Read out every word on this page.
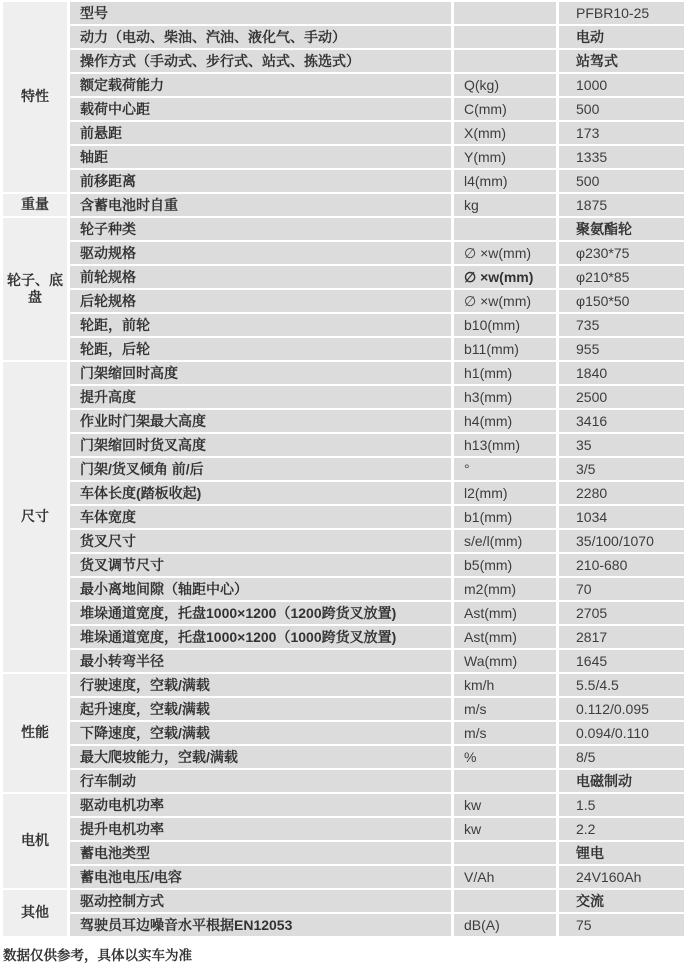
特性	型号		PFBR10-25
	动力（电动、柴油、汽油、液化气、手动）		电动
	操作方式（手动式、步行式、站式、拣选式）		站驾式
	额定载荷能力	Q(kg)	1000
	载荷中心距	C(mm)	500
	前悬距	X(mm)	173
	轴距	Y(mm)	1335
	前移距离	l4(mm)	500
重量	含蓄电池时自重	kg	1875
轮子、底盘	轮子种类		聚氨酯轮
	驱动规格	∅ ×w(mm)	φ230*75
	前轮规格	∅ ×w(mm)	φ210*85
	后轮规格	∅ ×w(mm)	φ150*50
	轮距，前轮	b10(mm)	735
	轮距，后轮	b11(mm)	955
尺寸	门架缩回时高度	h1(mm)	1840
	提升高度	h3(mm)	2500
	作业时门架最大高度	h4(mm)	3416
	门架缩回时货叉高度	h13(mm)	35
	门架/货叉倾角 前/后	°	3/5
	车体长度(踏板收起)	l2(mm)	2280
	车体宽度	b1(mm)	1034
	货叉尺寸	s/e/l(mm)	35/100/1070
	货叉调节尺寸	b5(mm)	210-680
	最小离地间隙（轴距中心）	m2(mm)	70
	堆垛通道宽度，托盘1000×1200（1200跨货叉放置)	Ast(mm)	2705
	堆垛通道宽度，托盘1000×1200（1000跨货叉放置)	Ast(mm)	2817
	最小转弯半径	Wa(mm)	1645
性能	行驶速度，空载/满载	km/h	5.5/4.5
	起升速度，空载/满载	m/s	0.112/0.095
	下降速度，空载/满载	m/s	0.094/0.110
	最大爬坡能力，空载/满载	%	8/5
	行车制动		电磁制动
电机	驱动电机功率	kw	1.5
	提升电机功率	kw	2.2
	蓄电池类型		锂电
	蓄电池电压/电容	V/Ah	24V160Ah
其他	驱动控制方式		交流
	驾驶员耳边噪音水平根据EN12053	dB(A)	75
数据仅供参考，具体以实车为准
